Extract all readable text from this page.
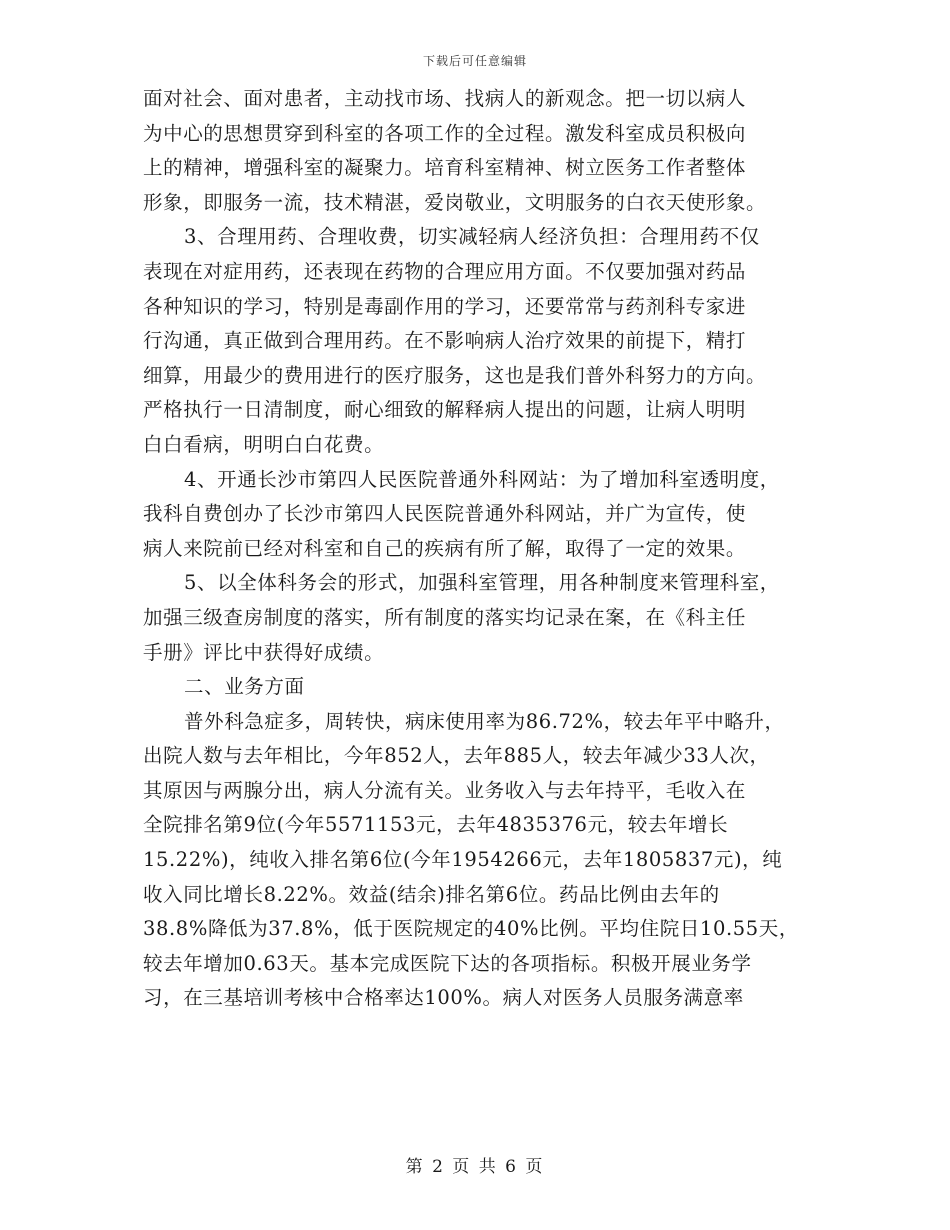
下载后可任意编辑
面对社会、面对患者，主动找市场、找病人的新观念。把一切以病人
为中心的思想贯穿到科室的各项工作的全过程。激发科室成员积极向
上的精神，增强科室的凝聚力。培育科室精神、树立医务工作者整体
形象，即服务一流，技术精湛，爱岗敬业，文明服务的白衣天使形象。
3、合理用药、合理收费，切实减轻病人经济负担：合理用药不仅
表现在对症用药，还表现在药物的合理应用方面。不仅要加强对药品
各种知识的学习，特别是毒副作用的学习，还要常常与药剂科专家进
行沟通，真正做到合理用药。在不影响病人治疗效果的前提下，精打
细算，用最少的费用进行的医疗服务，这也是我们普外科努力的方向。
严格执行一日清制度，耐心细致的解释病人提出的问题，让病人明明
白白看病，明明白白花费。
4、开通长沙市第四人民医院普通外科网站：为了增加科室透明度，
我科自费创办了长沙市第四人民医院普通外科网站，并广为宣传，使
病人来院前已经对科室和自己的疾病有所了解，取得了一定的效果。
5、以全体科务会的形式，加强科室管理，用各种制度来管理科室，
加强三级查房制度的落实，所有制度的落实均记录在案，在《科主任
手册》评比中获得好成绩。
二、业务方面
普外科急症多，周转快，病床使用率为86.72%，较去年平中略升，
出院人数与去年相比，今年852人，去年885人，较去年减少33人次，
其原因与两腺分出，病人分流有关。业务收入与去年持平，毛收入在
全院排名第9位(今年5571153元，去年4835376元，较去年增长
15.22%)，纯收入排名第6位(今年1954266元，去年1805837元)，纯
收入同比增长8.22%。效益(结余)排名第6位。药品比例由去年的
38.8%降低为37.8%，低于医院规定的40%比例。平均住院日10.55天，
较去年增加0.63天。基本完成医院下达的各项指标。积极开展业务学
习，在三基培训考核中合格率达100%。病人对医务人员服务满意率
第 2 页 共 6 页
